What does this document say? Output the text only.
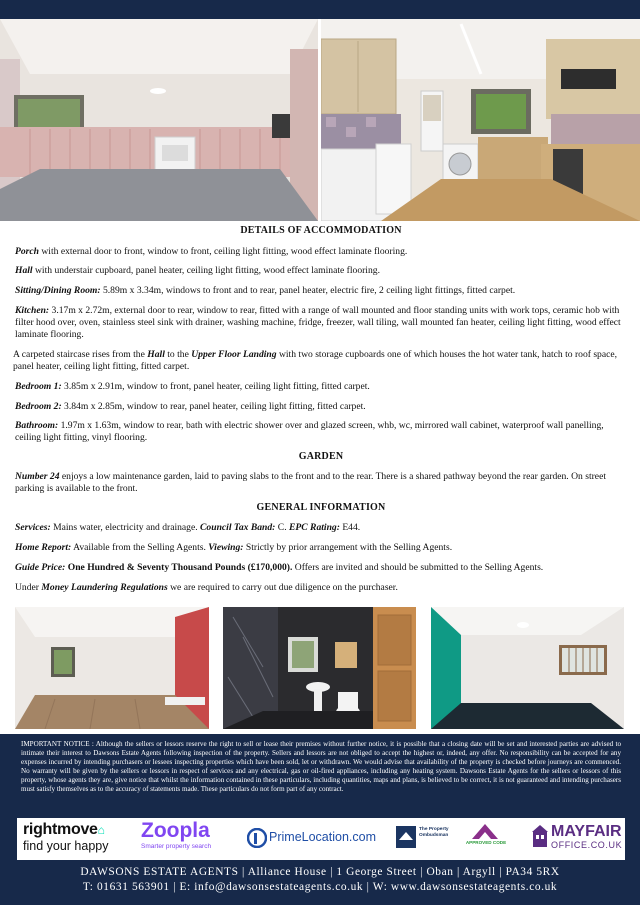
DETAILS OF ACCOMMODATION

Porch with external door to front, window to front, ceiling light fitting, wood effect laminate flooring.

Hall with understair cupboard, panel heater, ceiling light fitting, wood effect laminate flooring.

Sitting/Dining Room: 5.89m x 3.34m, windows to front and to rear, panel heater, electric fire, 2 ceiling light fittings, fitted carpet.

Kitchen: 3.17m x 2.72m, external door to rear, window to rear, fitted with a range of wall mounted and floor standing units with work tops, ceramic hob with filter hood over, oven, stainless steel sink with drainer, washing machine, fridge, freezer, wall tiling, wall mounted fan heater, ceiling light fitting, wood effect laminate flooring.

A carpeted staircase rises from the Hall to the Upper Floor Landing with two storage cupboards one of which houses the hot water tank, hatch to roof space, panel heater, ceiling light fitting, fitted carpet.

Bedroom 1: 3.85m x 2.91m, window to front, panel heater, ceiling light fitting, fitted carpet.

Bedroom 2: 3.84m x 2.85m, window to rear, panel heater, ceiling light fitting, fitted carpet.

Bathroom: 1.97m x 1.63m, window to rear, bath with electric shower over and glazed screen, whb, wc, mirrored wall cabinet, waterproof wall panelling, ceiling light fitting, vinyl flooring.

GARDEN

Number 24 enjoys a low maintenance garden, laid to paving slabs to the front and to the rear. There is a shared pathway beyond the rear garden. On street parking is available to the front.

GENERAL INFORMATION

Services: Mains water, electricity and drainage. Council Tax Band: C. EPC Rating: E44.

Home Report: Available from the Selling Agents. Viewing: Strictly by prior arrangement with the Selling Agents.

Guide Price: One Hundred & Seventy Thousand Pounds (£170,000). Offers are invited and should be submitted to the Selling Agents.

Under Money Laundering Regulations we are required to carry out due diligence on the purchaser.

IMPORTANT NOTICE : Although the sellers or lessors reserve the right to sell or lease their premises without further notice, it is possible that a closing date will be set and interested parties are advised to intimate their interest to Dawsons Estate Agents following inspection of the property. Sellers and lessors are not obliged to accept the highest or, indeed, any offer. No responsibility can be accepted for any expenses incurred by intending purchasers or lessees inspecting properties which have been sold, let or withdrawn. We would advise that availability of the property is checked before journeys are commenced. No warranty will be given by the sellers or lessors in respect of services and any electrical, gas or oil-fired appliances, including any heating system. Dawsons Estate Agents for the sellers or lessors of this property, whose agents they are, give notice that whilst the information contained in these particulars, including quantities, maps and plans, is believed to be correct, it is not guaranteed and intending purchasers must satisfy themselves as to the accuracy of statements made. These particulars do not form part of any contract.
rightmove⌂
find your happy
Zoopla
Smarter property search
PrimeLocation.com
The Property
Ombudsman
APPROVED CODE
MAYFAIR
OFFICE.CO.UK
DAWSONS ESTATE AGENTS | Alliance House | 1 George Street | Oban | Argyll | PA34 5RX
T: 01631 563901 | E: info@dawsonsestateagents.co.uk | W: www.dawsonsestateagents.co.uk
